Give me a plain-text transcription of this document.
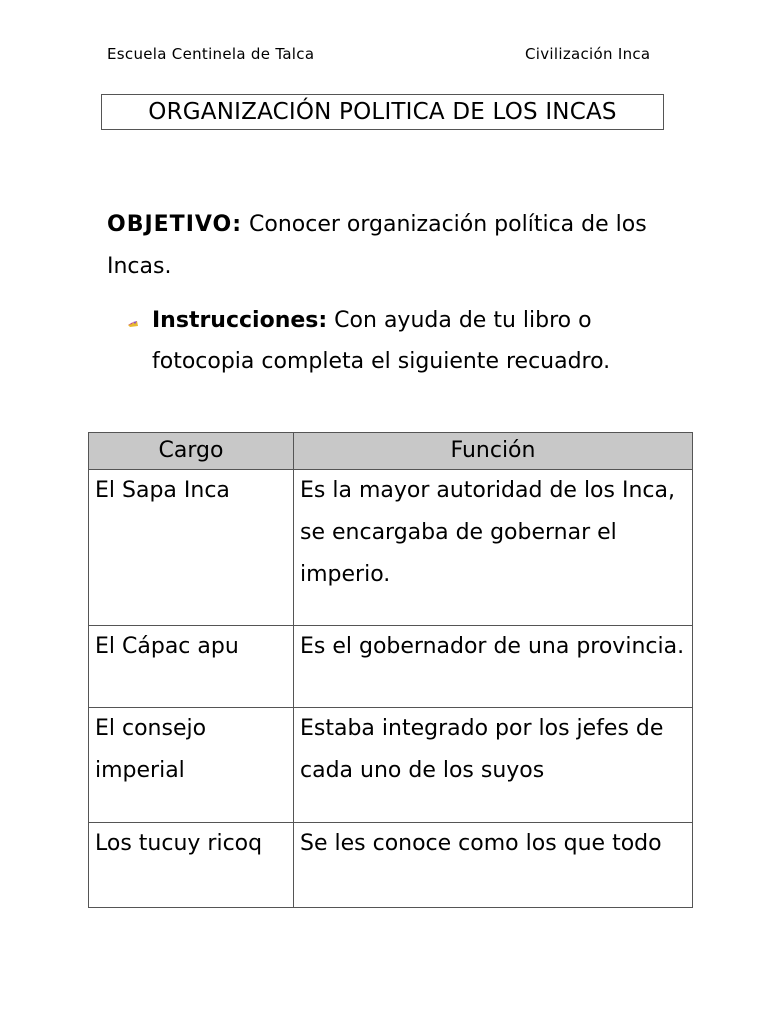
Escuela Centinela de Talca	Civilización Inca
ORGANIZACIÓN POLITICA DE LOS INCAS
OBJETIVO: Conocer organización política de los Incas.
Instrucciones: Con ayuda de tu libro o fotocopia completa el siguiente recuadro.
Cargo	Función
El Sapa Inca	Es la mayor autoridad de los Inca, se encargaba de gobernar el imperio.
El Cápac apu	Es el gobernador de una provincia.
El consejo imperial	Estaba integrado por los jefes de cada uno de los suyos
Los tucuy ricoq	Se les conoce como los que todo
